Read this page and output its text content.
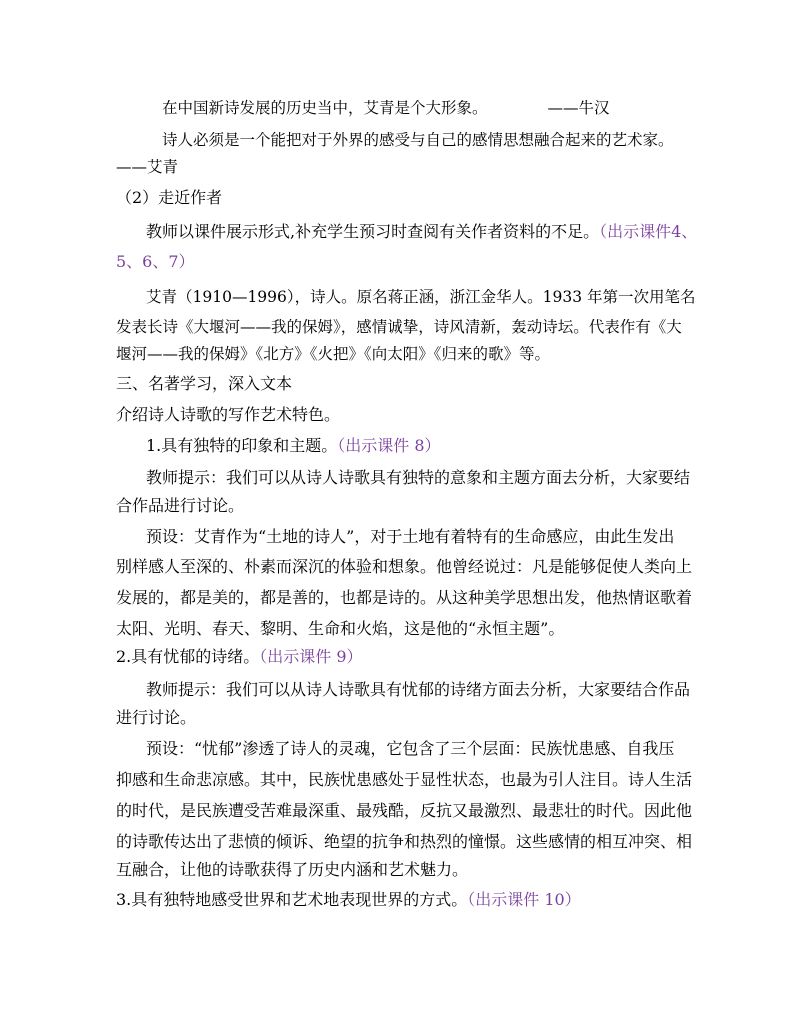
在中国新诗发展的历史当中，艾青是个大形象。	——牛汉
诗人必须是一个能把对于外界的感受与自己的感情思想融合起来的艺术家。
——艾青
（2）走近作者
教师以课件展示形式,补充学生预习时查阅有关作者资料的不足。（出示课件4、
5、6、7）
艾青（1910—1996），诗人。原名蒋正涵，浙江金华人。1933 年第一次用笔名
发表长诗《大堰河——我的保姆》，感情诚挚，诗风清新，轰动诗坛。代表作有《大
堰河——我的保姆》《北方》《火把》《向太阳》《归来的歌》等。
三、名著学习，深入文本
介绍诗人诗歌的写作艺术特色。
1.具有独特的印象和主题。（出示课件 8）
教师提示：我们可以从诗人诗歌具有独特的意象和主题方面去分析，大家要结
合作品进行讨论。
预设：艾青作为“土地的诗人”，对于土地有着特有的生命感应，由此生发出
别样感人至深的、朴素而深沉的体验和想象。他曾经说过：凡是能够促使人类向上
发展的，都是美的，都是善的，也都是诗的。从这种美学思想出发，他热情讴歌着
太阳、光明、春天、黎明、生命和火焰，这是他的“永恒主题”。
2.具有忧郁的诗绪。（出示课件 9）
教师提示：我们可以从诗人诗歌具有忧郁的诗绪方面去分析，大家要结合作品
进行讨论。
预设：“忧郁”渗透了诗人的灵魂，它包含了三个层面：民族忧患感、自我压
抑感和生命悲凉感。其中，民族忧患感处于显性状态，也最为引人注目。诗人生活
的时代，是民族遭受苦难最深重、最残酷，反抗又最激烈、最悲壮的时代。因此他
的诗歌传达出了悲愤的倾诉、绝望的抗争和热烈的憧憬。这些感情的相互冲突、相
互融合，让他的诗歌获得了历史内涵和艺术魅力。
3.具有独特地感受世界和艺术地表现世界的方式。（出示课件 10）
